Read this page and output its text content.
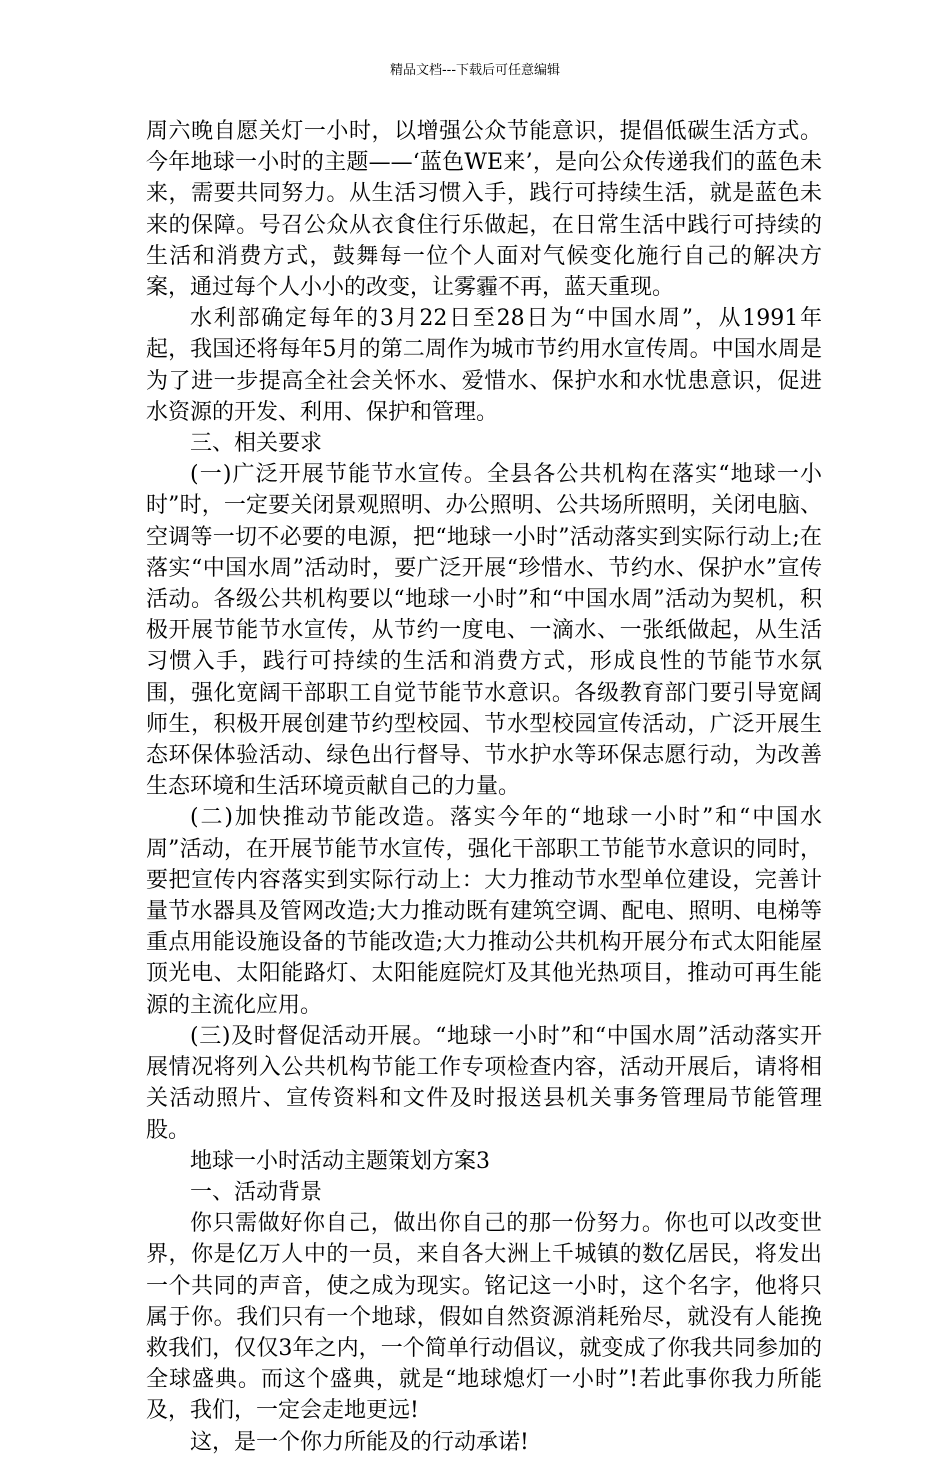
精品文档---下载后可任意编辑

周六晚自愿关灯一小时，以增强公众节能意识，提倡低碳生活方式。今年地球一小时的主题——‘蓝色WE来’，是向公众传递我们的蓝色未来，需要共同努力。从生活习惯入手，践行可持续生活，就是蓝色未来的保障。号召公众从衣食住行乐做起，在日常生活中践行可持续的生活和消费方式，鼓舞每一位个人面对气候变化施行自己的解决方案，通过每个人小小的改变，让雾霾不再，蓝天重现。

水利部确定每年的3月22日至28日为“中国水周”，从1991年起，我国还将每年5月的第二周作为城市节约用水宣传周。中国水周是为了进一步提高全社会关怀水、爱惜水、保护水和水忧患意识，促进水资源的开发、利用、保护和管理。

三、相关要求

(一)广泛开展节能节水宣传。全县各公共机构在落实“地球一小时”时，一定要关闭景观照明、办公照明、公共场所照明，关闭电脑、空调等一切不必要的电源，把“地球一小时”活动落实到实际行动上;在落实“中国水周”活动时，要广泛开展“珍惜水、节约水、保护水”宣传活动。各级公共机构要以“地球一小时”和“中国水周”活动为契机，积极开展节能节水宣传，从节约一度电、一滴水、一张纸做起，从生活习惯入手，践行可持续的生活和消费方式，形成良性的节能节水氛围，强化宽阔干部职工自觉节能节水意识。各级教育部门要引导宽阔师生，积极开展创建节约型校园、节水型校园宣传活动，广泛开展生态环保体验活动、绿色出行督导、节水护水等环保志愿行动，为改善生态环境和生活环境贡献自己的力量。

(二)加快推动节能改造。落实今年的“地球一小时”和“中国水周”活动，在开展节能节水宣传，强化干部职工节能节水意识的同时，要把宣传内容落实到实际行动上：大力推动节水型单位建设，完善计量节水器具及管网改造;大力推动既有建筑空调、配电、照明、电梯等重点用能设施设备的节能改造;大力推动公共机构开展分布式太阳能屋顶光电、太阳能路灯、太阳能庭院灯及其他光热项目，推动可再生能源的主流化应用。

(三)及时督促活动开展。“地球一小时”和“中国水周”活动落实开展情况将列入公共机构节能工作专项检查内容，活动开展后，请将相关活动照片、宣传资料和文件及时报送县机关事务管理局节能管理股。

地球一小时活动主题策划方案3

一、活动背景

你只需做好你自己，做出你自己的那一份努力。你也可以改变世界，你是亿万人中的一员，来自各大洲上千城镇的数亿居民，将发出一个共同的声音，使之成为现实。铭记这一小时，这个名字，他将只属于你。我们只有一个地球，假如自然资源消耗殆尽，就没有人能挽救我们，仅仅3年之内，一个简单行动倡议，就变成了你我共同参加的全球盛典。而这个盛典，就是“地球熄灯一小时”!若此事你我力所能及，我们，一定会走地更远!

这，是一个你力所能及的行动承诺!
